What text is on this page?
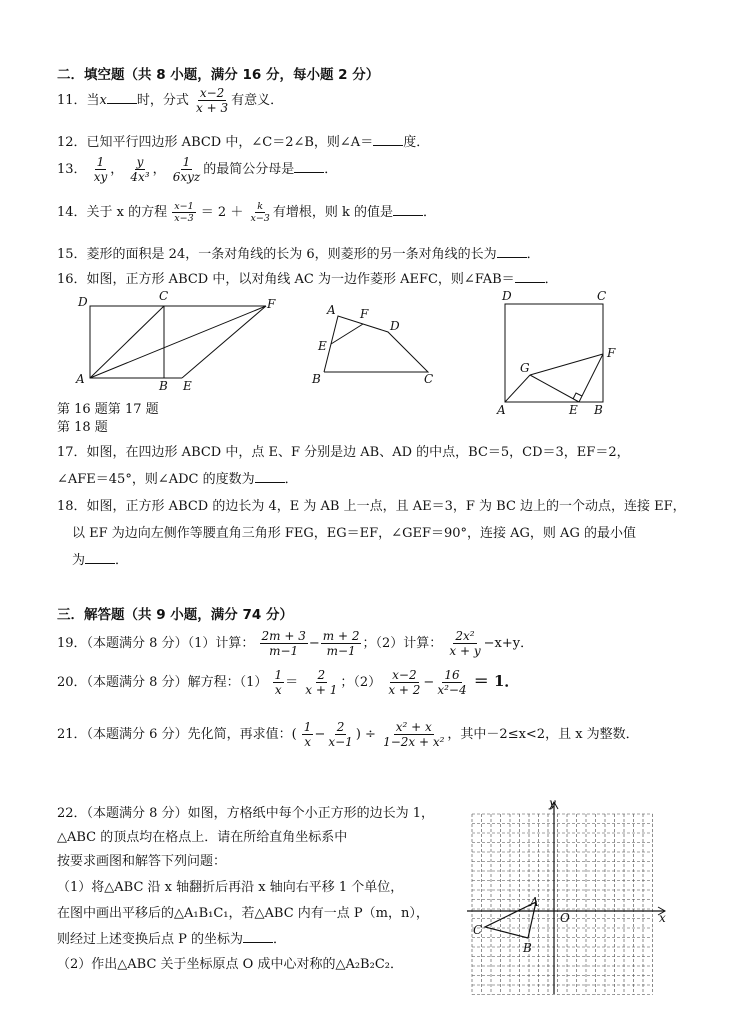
二．填空题（共 8 小题，满分 16 分，每小题 2 分）
11．当x 时，分式 $\frac{x-2}{x + 3}$ 有意义．
12．已知平行四边形 ABCD 中，∠C＝2∠B，则∠A＝ 度．
13． $\frac{1}{xy}$ ， $\frac{y}{\text{4x³}}$ ， $\frac{1}{\text{6xyz}}$ 的最简公分母是 ．
14．关于 x 的方程 $\frac{x-1}{x-3} = 2 + \frac{k}{x-3}$ 有增根，则 k 的值是 ．
15．菱形的面积是 24，一条对角线的长为 6，则菱形的另一条对角线的长为 ．
16．如图，正方形 ABCD 中，以对角线 AC 为一边作菱形 AEFC，则∠FAB＝ ．
D	C
F
A	B E
A F
D
E
B	C
D	C
G
F
A	E B
第 16 题第 17 题
第 18 题
17．如图，在四边形 ABCD 中，点 E、F 分别是边 AB、AD 的中点，BC＝5，CD＝3，EF＝2，
∠AFE＝45°，则∠ADC 的度数为 ．
18．如图，正方形 ABCD 的边长为 4，E 为 AB 上一点，且 AE＝3，F 为 BC 边上的一个动点，连接 EF，
以 EF 为边向左侧作等腰直角三角形 FEG，EG＝EF，∠GEF＝90°，连接 AG，则 AG 的最小值
为 ．
三．解答题（共 9 小题，满分 74 分）
19．（本题满分 8 分）（1）计算： $\frac{2m + 3}{m-1} - \frac{m + 2}{m-1}$ ；（2）计算： $\frac{\text{2x²}}{x + y} -x+y$．
20．（本题满分 8 分）解方程：$(1) \frac{1}{x} = \frac{2}{x + 1}$ ；$(2) \frac{x-2}{x + 2} - \frac{16}{\text{x²−4}} = 1$．
21．（本题满分 6 分）先化简，再求值：( $\frac{1}{x} - \frac{2}{x-1}$ ) ÷ $\frac{\text{x² + x}}{\text{1−2x + x²}}$ ，其中－2≤x<2，且 x 为整数．
22．（本题满分 8 分）如图，方格纸中每个小正方形的边长为 1，
△ABC 的顶点均在格点上．请在所给直角坐标系中
按要求画图和解答下列问题：
（1）将△ABC 沿 x 轴翻折后再沿 x 轴向右平移 1 个单位，
在图中画出平移后的△A₁B₁C₁，若△ABC 内有一点 P（m，n），
则经过上述变换后点 P 的坐标为 ．
（2）作出△ABC 关于坐标原点 O 成中心对称的△A₂B₂C₂．
y
x
O
A
B
C
